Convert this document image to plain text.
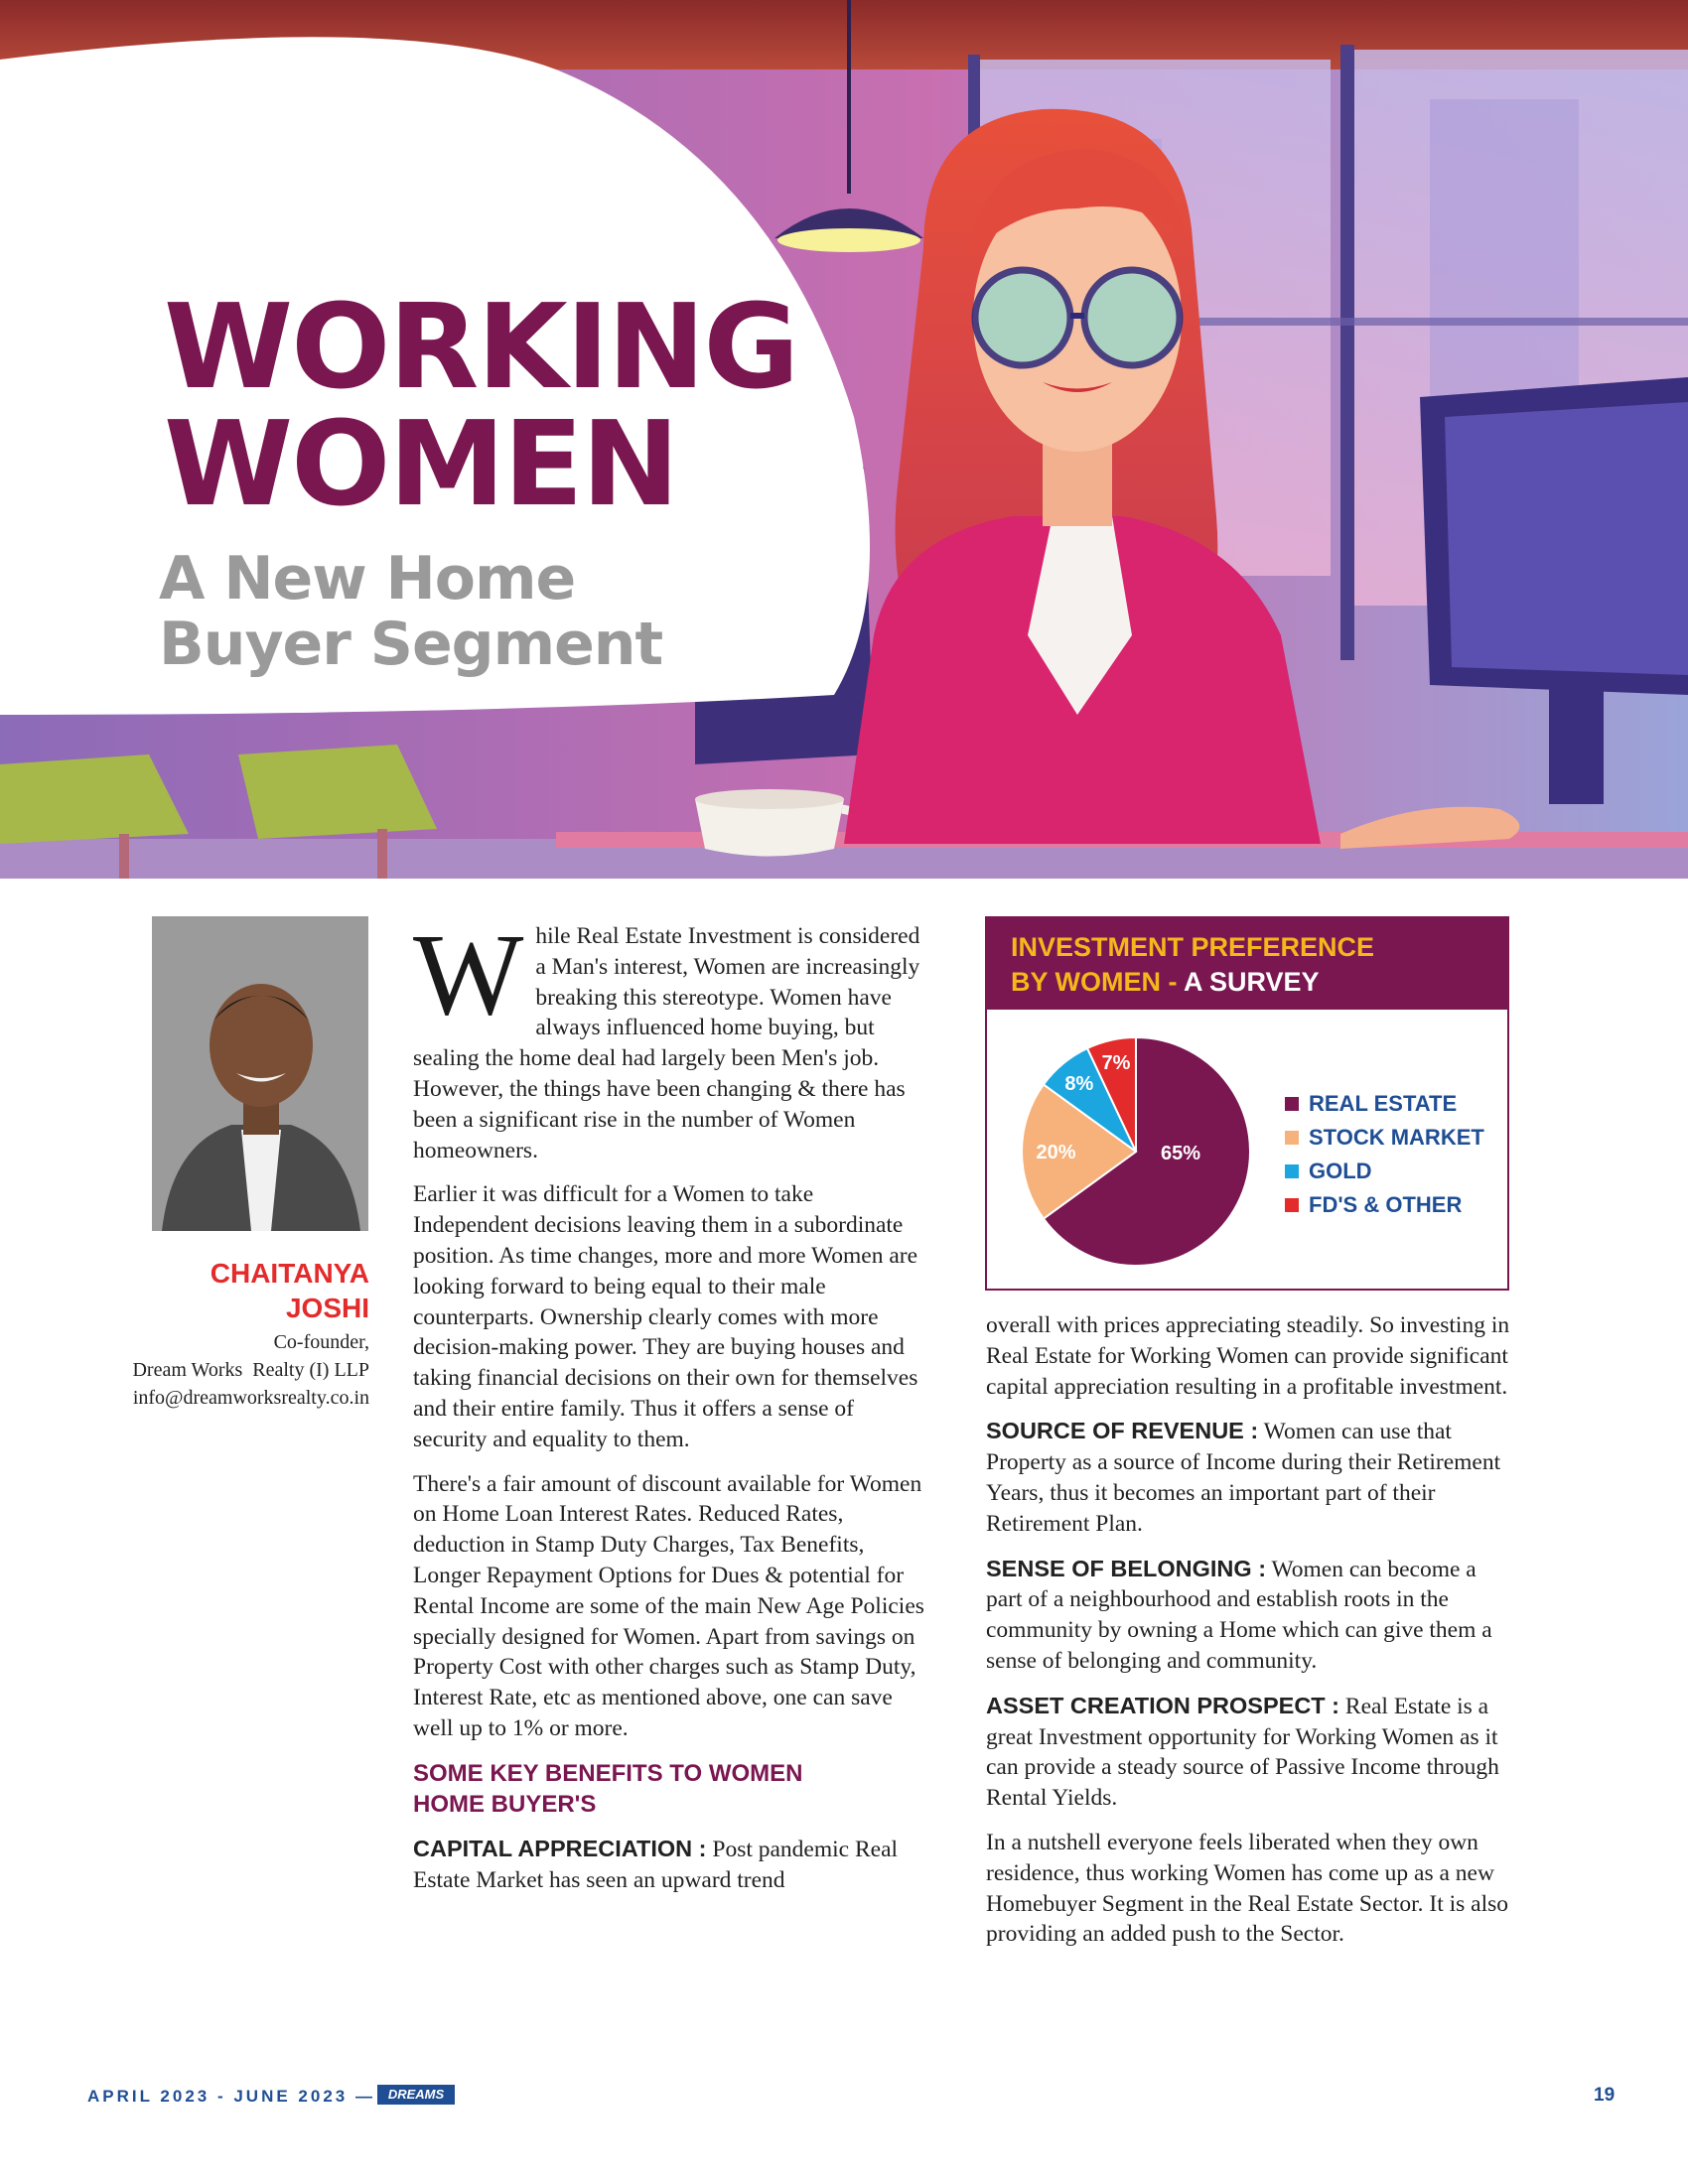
WORKING
WOMEN
A New Home
Buyer Segment
CHAITANYA
JOSHI
Co-founder,
Dream Works  Realty (I) LLP
info@dreamworksrealty.co.in

While Real Estate Investment is considered a Man's interest, Women are increasingly breaking this stereotype. Women have always influenced home buying, but sealing the home deal had largely been Men's job. However, the things have been changing & there has been a significant rise in the number of Women homeowners.

Earlier it was difficult for a Women to take Independent decisions leaving them in a subordinate position. As time changes, more and more Women are looking forward to being equal to their male counterparts. Ownership clearly comes with more decision-making power. They are buying houses and taking financial decisions on their own for themselves and their entire family. Thus it offers a sense of security and equality to them.

There's a fair amount of discount available for Women on Home Loan Interest Rates. Reduced Rates, deduction in Stamp Duty Charges, Tax Benefits, Longer Repayment Options for Dues & potential for Rental Income are some of the main New Age Policies specially designed for Women. Apart from savings on Property Cost with other charges such as Stamp Duty, Interest Rate, etc as mentioned above, one can save well up to 1% or more.

SOME KEY BENEFITS TO WOMEN
HOME BUYER'S

CAPITAL APPRECIATION : Post pandemic Real Estate Market has seen an upward trend

INVESTMENT PREFERENCE
BY WOMEN - A SURVEY
65%
20%
8%
7%
REAL ESTATE
STOCK MARKET
GOLD
FD'S & OTHER

overall with prices appreciating steadily. So investing in Real Estate for Working Women can provide significant capital appreciation resulting in a profitable investment.

SOURCE OF REVENUE : Women can use that Property as a source of Income during their Retirement Years, thus it becomes an important part of their Retirement Plan.

SENSE OF BELONGING : Women can become a part of a neighbourhood and establish roots in the community by owning a Home which can give them a sense of belonging and community.

ASSET CREATION PROSPECT : Real Estate is a great Investment opportunity for Working Women as it can provide a steady source of Passive Income through Rental Yields.

In a nutshell everyone feels liberated when they own residence, thus working Women has come up as a new Homebuyer Segment in the Real Estate Sector. It is also providing an added push to the Sector.

APRIL 2023 - JUNE 2023 — DREAMS	19
